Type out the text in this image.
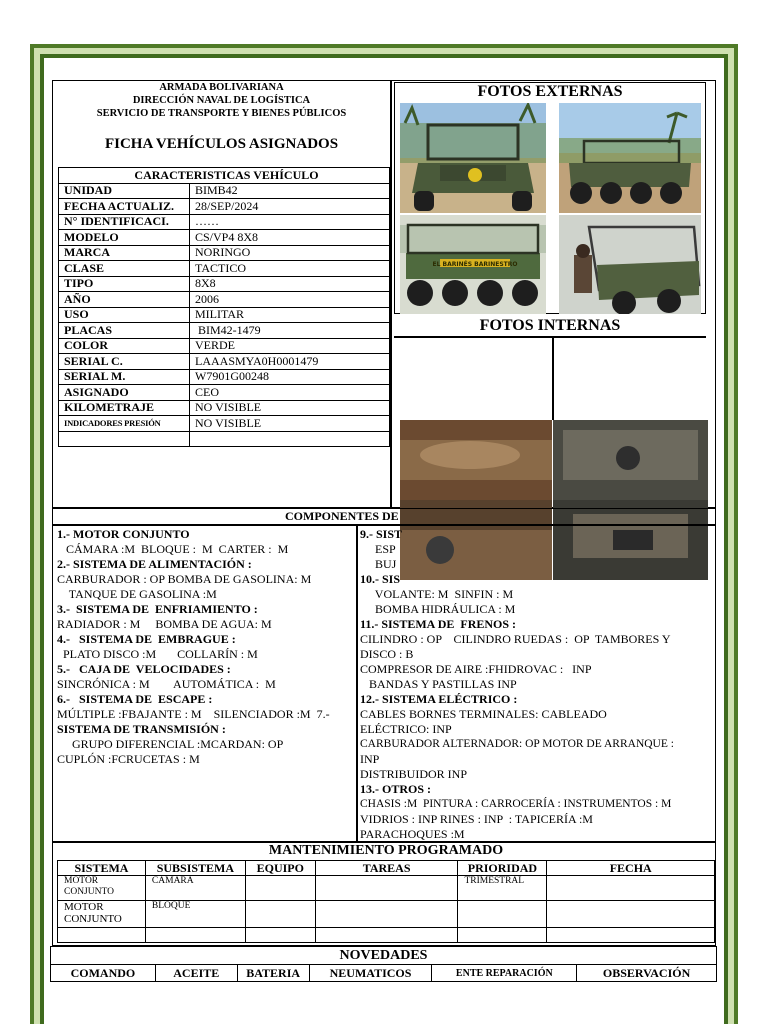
ARMADA BOLIVARIANA
DIRECCIÓN NAVAL DE LOGÍSTICA
SERVICIO DE TRANSPORTE Y BIENES PÚBLICOS
FICHA VEHÍCULOS ASIGNADOS
CARACTERISTICAS VEHÍCULO	
UNIDAD	BIMB42
FECHA ACTUALIZ.	28/SEP/2024
N° IDENTIFICACI.	……
MODELO	CS/VP4 8X8
MARCA	NORINGO
CLASE	TACTICO
TIPO	8X8
AÑO	2006
USO	MILITAR
PLACAS	BIM42-1479
COLOR	VERDE
SERIAL C.	LAAASMYA0H0001479
SERIAL M.	W7901G00248
ASIGNADO	CEO
KILOMETRAJE	NO VISIBLE
INDICADORES PRESIÓN	NO VISIBLE

FOTOS EXTERNAS
EL BARINÉS BARINESTRO
FOTOS INTERNAS
COMPONENTES DE
1.- MOTOR CONJUNTO
CÁMARA :M  BLOQUE :  M  CARTER :  M
2.- SISTEMA DE ALIMENTACIÓN :
CARBURADOR : OP BOMBA DE GASOLINA: M
TANQUE DE GASOLINA :M
3.-  SISTEMA DE  ENFRIAMIENTO :
RADIADOR : M     BOMBA DE AGUA: M
4.-   SISTEMA DE  EMBRAGUE :
PLATO DISCO :M       COLLARÍN : M
5.-   CAJA DE  VELOCIDADES :
SINCRÓNICA : M        AUTOMÁTICA :  M
6.-   SISTEMA DE  ESCAPE :
MÚLTIPLE :FBAJANTE : M    SILENCIADOR :M  7.-
SISTEMA DE TRANSMISIÓN :
GRUPO DIFERENCIAL :MCARDAN: OP
CUPLÓN :FCRUCETAS : M
9.- SIST
ESP
BUJ
10.- SIS
VOLANTE: M  SINFIN : M
BOMBA HIDRÁULICA : M
11.- SISTEMA DE  FRENOS :
CILINDRO : OP    CILINDRO RUEDAS :  OP  TAMBORES Y
DISCO : B
COMPRESOR DE AIRE :FHIDROVAC :   INP
BANDAS Y PASTILLAS INP
12.- SISTEMA ELÉCTRICO :
CABLES BORNES TERMINALES: CABLEADO
ELÉCTRICO: INP
CARBURADOR ALTERNADOR: OP MOTOR DE ARRANQUE :
INP
DISTRIBUIDOR INP
13.- OTROS :
CHASIS :M  PINTURA : CARROCERÍA : INSTRUMENTOS : M
VIDRIOS : INP RINES : INP  : TAPICERÍA :M
PARACHOQUES :M
MANTENIMIENTO PROGRAMADO
SISTEMA	SUBSISTEMA	EQUIPO	TAREAS	PRIORIDAD	FECHA
MOTOR CONJUNTO	CAMARA			TRIMESTRAL	
MOTOR CONJUNTO	BLOQUE				

NOVEDADES
COMANDO	ACEITE	BATERIA	NEUMATICOS	ENTE REPARACIÓN	OBSERVACIÓN
